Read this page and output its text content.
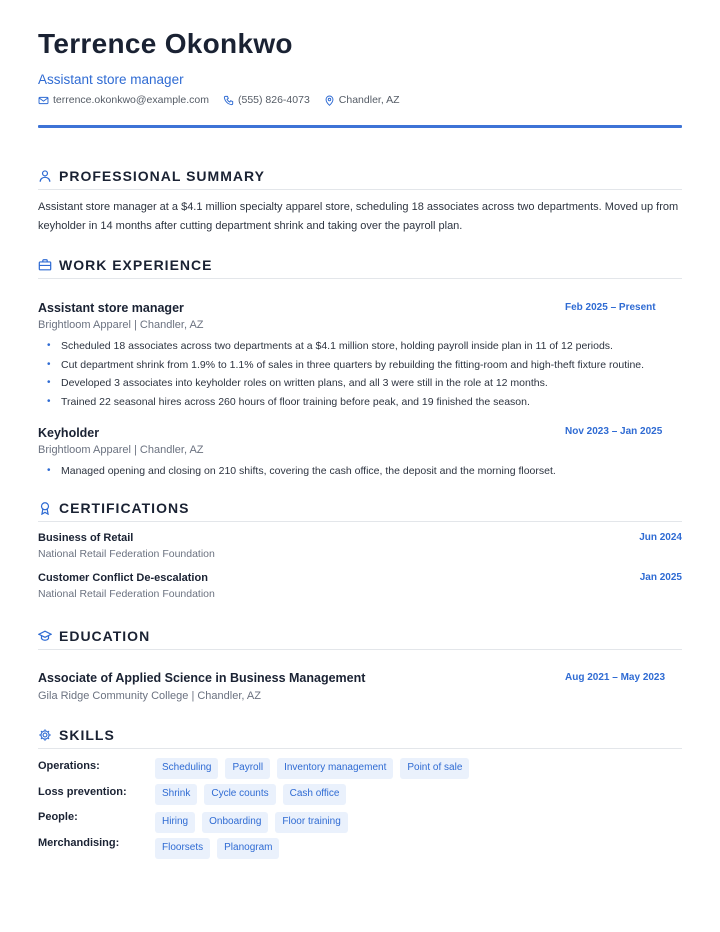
Terrence Okonkwo
Assistant store manager
terrence.okonkwo@example.com	(555) 826-4073	Chandler, AZ
PROFESSIONAL SUMMARY
Assistant store manager at a $4.1 million specialty apparel store, scheduling 18 associates across two departments. Moved up from keyholder in 14 months after cutting department shrink and taking over the payroll plan.
WORK EXPERIENCE
Assistant store manager	Feb 2025 – Present
Brightloom Apparel | Chandler, AZ
• Scheduled 18 associates across two departments at a $4.1 million store, holding payroll inside plan in 11 of 12 periods.
• Cut department shrink from 1.9% to 1.1% of sales in three quarters by rebuilding the fitting-room and high-theft fixture routine.
• Developed 3 associates into keyholder roles on written plans, and all 3 were still in the role at 12 months.
• Trained 22 seasonal hires across 260 hours of floor training before peak, and 19 finished the season.
Keyholder	Nov 2023 – Jan 2025
Brightloom Apparel | Chandler, AZ
• Managed opening and closing on 210 shifts, covering the cash office, the deposit and the morning floorset.
CERTIFICATIONS
Business of Retail	Jun 2024
National Retail Federation Foundation
Customer Conflict De-escalation	Jan 2025
National Retail Federation Foundation
EDUCATION
Associate of Applied Science in Business Management	Aug 2021 – May 2023
Gila Ridge Community College | Chandler, AZ
SKILLS
Operations:	Scheduling	Payroll	Inventory management	Point of sale
Loss prevention:	Shrink	Cycle counts	Cash office
People:	Hiring	Onboarding	Floor training
Merchandising:	Floorsets	Planogram
